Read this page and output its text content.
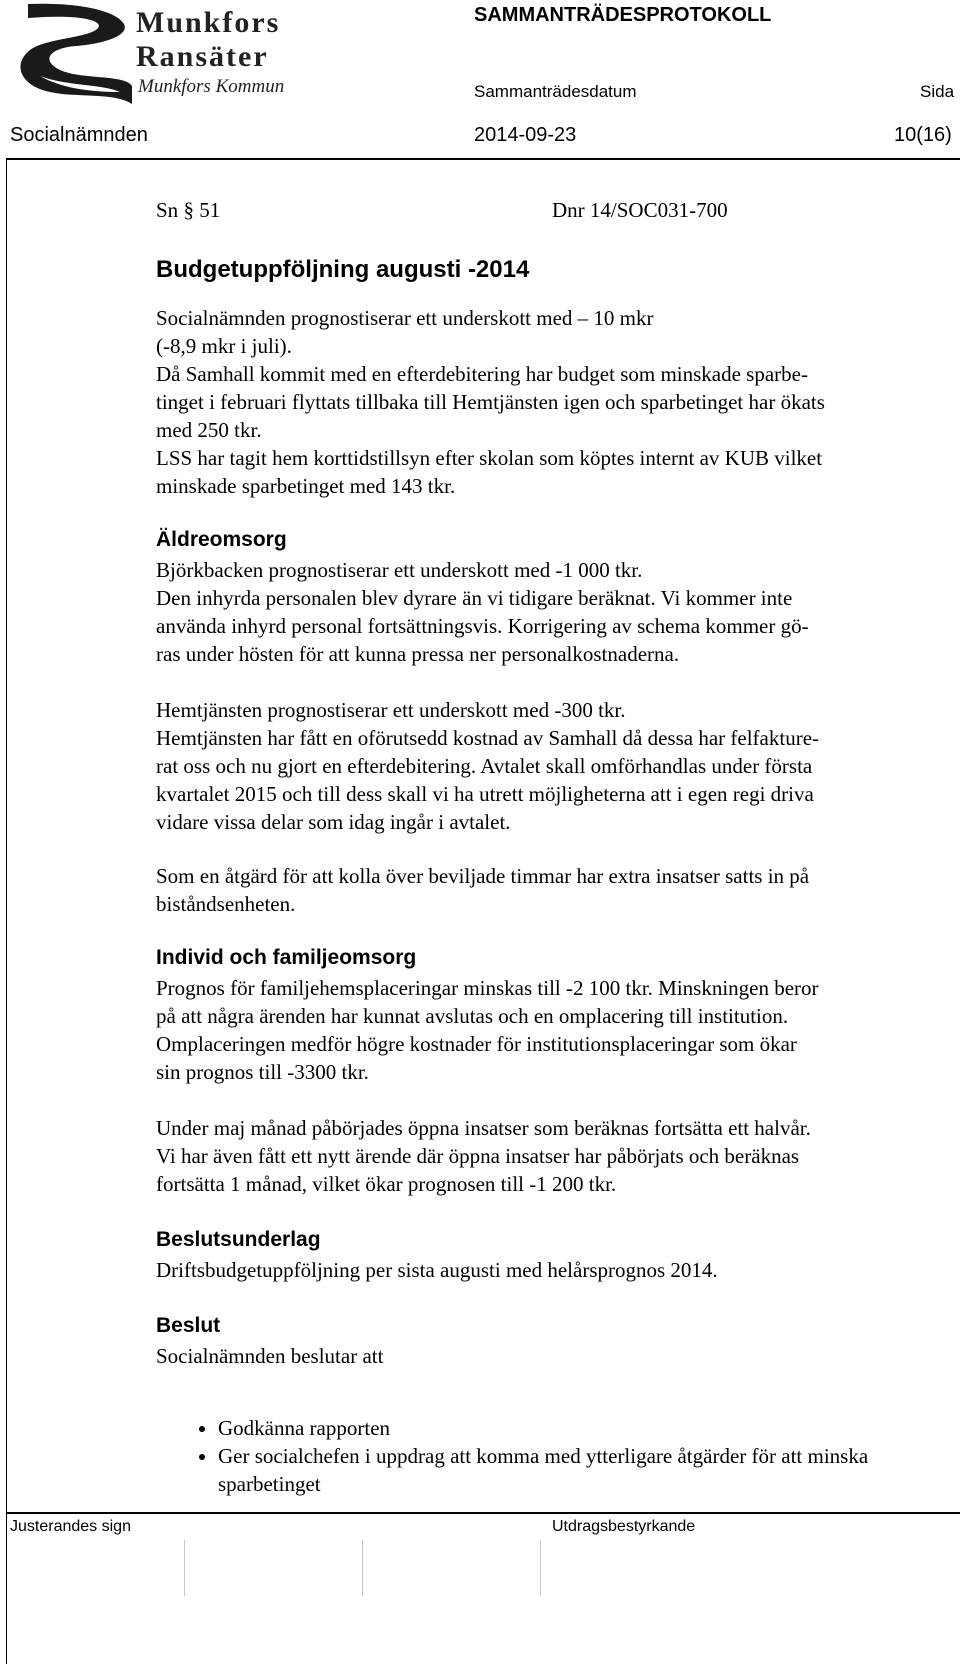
Munkfors
Ransäter
Munkfors Kommun
SAMMANTRÄDESPROTOKOLL
Sammanträdesdatum	Sida
Socialnämnden	2014-09-23	10(16)
Sn § 51	Dnr 14/SOC031-700
Budgetuppföljning augusti -2014
Socialnämnden prognostiserar ett underskott med – 10 mkr
(-8,9 mkr i juli).
Då Samhall kommit med en efterdebitering har budget som minskade sparbe-
tinget i februari flyttats tillbaka till Hemtjänsten igen och sparbetinget har ökats
med 250 tkr.
LSS har tagit hem korttidstillsyn efter skolan som köptes internt av KUB vilket
minskade sparbetinget med 143 tkr.
Äldreomsorg
Björkbacken prognostiserar ett underskott med -1 000 tkr.
Den inhyrda personalen blev dyrare än vi tidigare beräknat. Vi kommer inte
använda inhyrd personal fortsättningsvis. Korrigering av schema kommer gö-
ras under hösten för att kunna pressa ner personalkostnaderna.
Hemtjänsten prognostiserar ett underskott med -300 tkr.
Hemtjänsten har fått en oförutsedd kostnad av Samhall då dessa har felfakture-
rat oss och nu gjort en efterdebitering. Avtalet skall omförhandlas under första
kvartalet 2015 och till dess skall vi ha utrett möjligheterna att i egen regi driva
vidare vissa delar som idag ingår i avtalet.
Som en åtgärd för att kolla över beviljade timmar har extra insatser satts in på
biståndsenheten.
Individ och familjeomsorg
Prognos för familjehemsplaceringar minskas till -2 100 tkr. Minskningen beror
på att några ärenden har kunnat avslutas och en omplacering till institution.
Omplaceringen medför högre kostnader för institutionsplaceringar som ökar
sin prognos till -3300 tkr.
Under maj månad påbörjades öppna insatser som beräknas fortsätta ett halvår.
Vi har även fått ett nytt ärende där öppna insatser har påbörjats och beräknas
fortsätta 1 månad, vilket ökar prognosen till -1 200 tkr.
Beslutsunderlag
Driftsbudgetuppföljning per sista augusti med helårsprognos 2014.
Beslut
Socialnämnden beslutar att
• Godkänna rapporten
• Ger socialchefen i uppdrag att komma med ytterligare åtgärder för att minska sparbetinget
Justerandes sign	Utdragsbestyrkande
